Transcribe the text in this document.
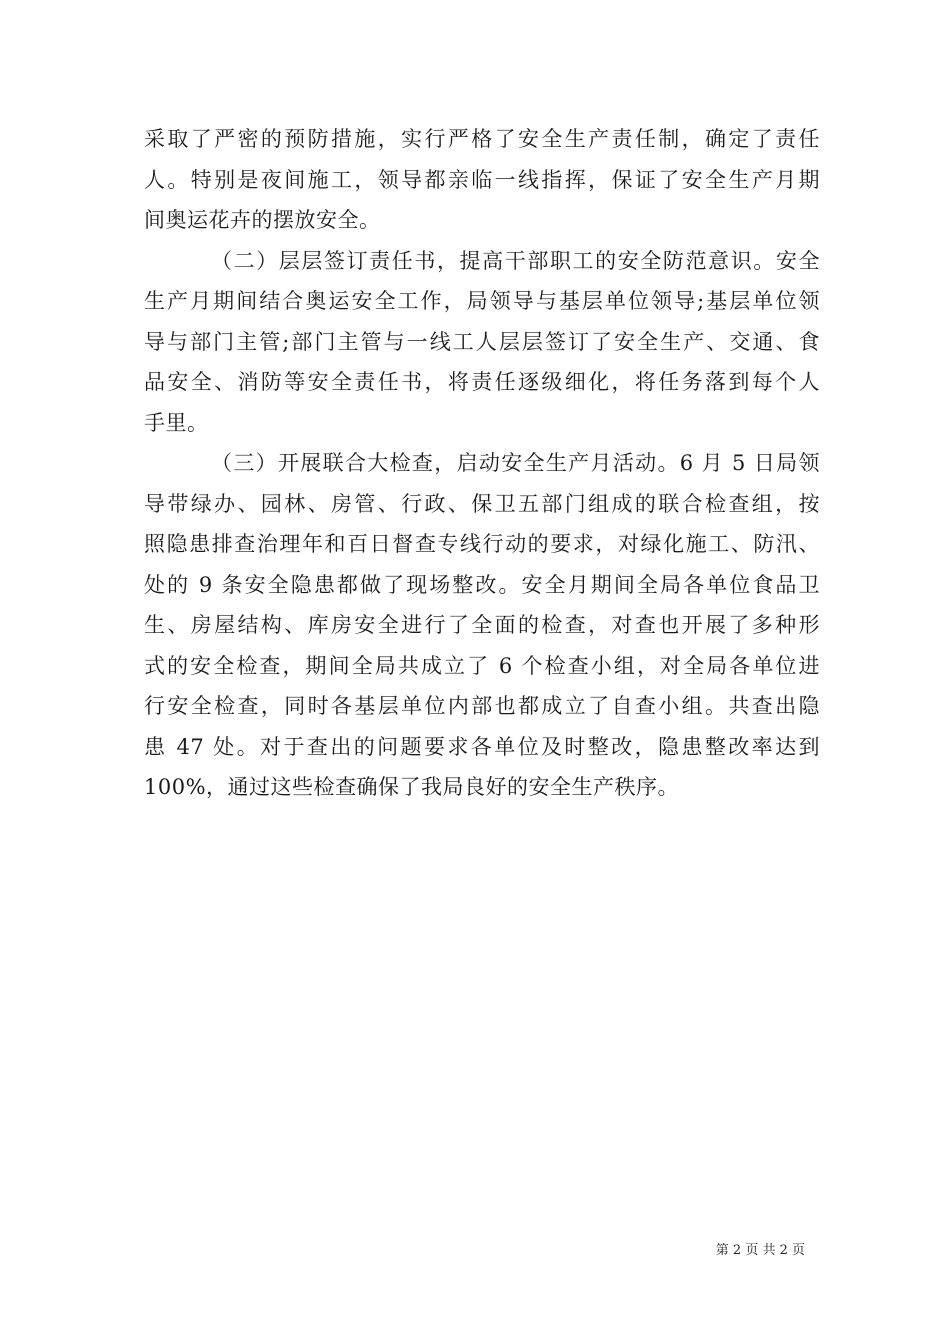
采取了严密的预防措施，实行严格了安全生产责任制，确定了责任
人。特别是夜间施工，领导都亲临一线指挥，保证了安全生产月期
间奥运花卉的摆放安全。
（二）层层签订责任书，提高干部职工的安全防范意识。安全
生产月期间结合奥运安全工作，局领导与基层单位领导;基层单位领
导与部门主管;部门主管与一线工人层层签订了安全生产、交通、食
品安全、消防等安全责任书，将责任逐级细化，将任务落到每个人
手里。
（三）开展联合大检查，启动安全生产月活动。6 月 5 日局领
导带绿办、园林、房管、行政、保卫五部门组成的联合检查组，按
照隐患排查治理年和百日督查专线行动的要求，对绿化施工、防汛、
处的 9 条安全隐患都做了现场整改。安全月期间全局各单位食品卫
生、房屋结构、库房安全进行了全面的检查，对查也开展了多种形
式的安全检查，期间全局共成立了 6 个检查小组，对全局各单位进
行安全检查，同时各基层单位内部也都成立了自查小组。共查出隐
患 47 处。对于查出的问题要求各单位及时整改，隐患整改率达到
100%，通过这些检查确保了我局良好的安全生产秩序。
第 2 页 共 2 页
